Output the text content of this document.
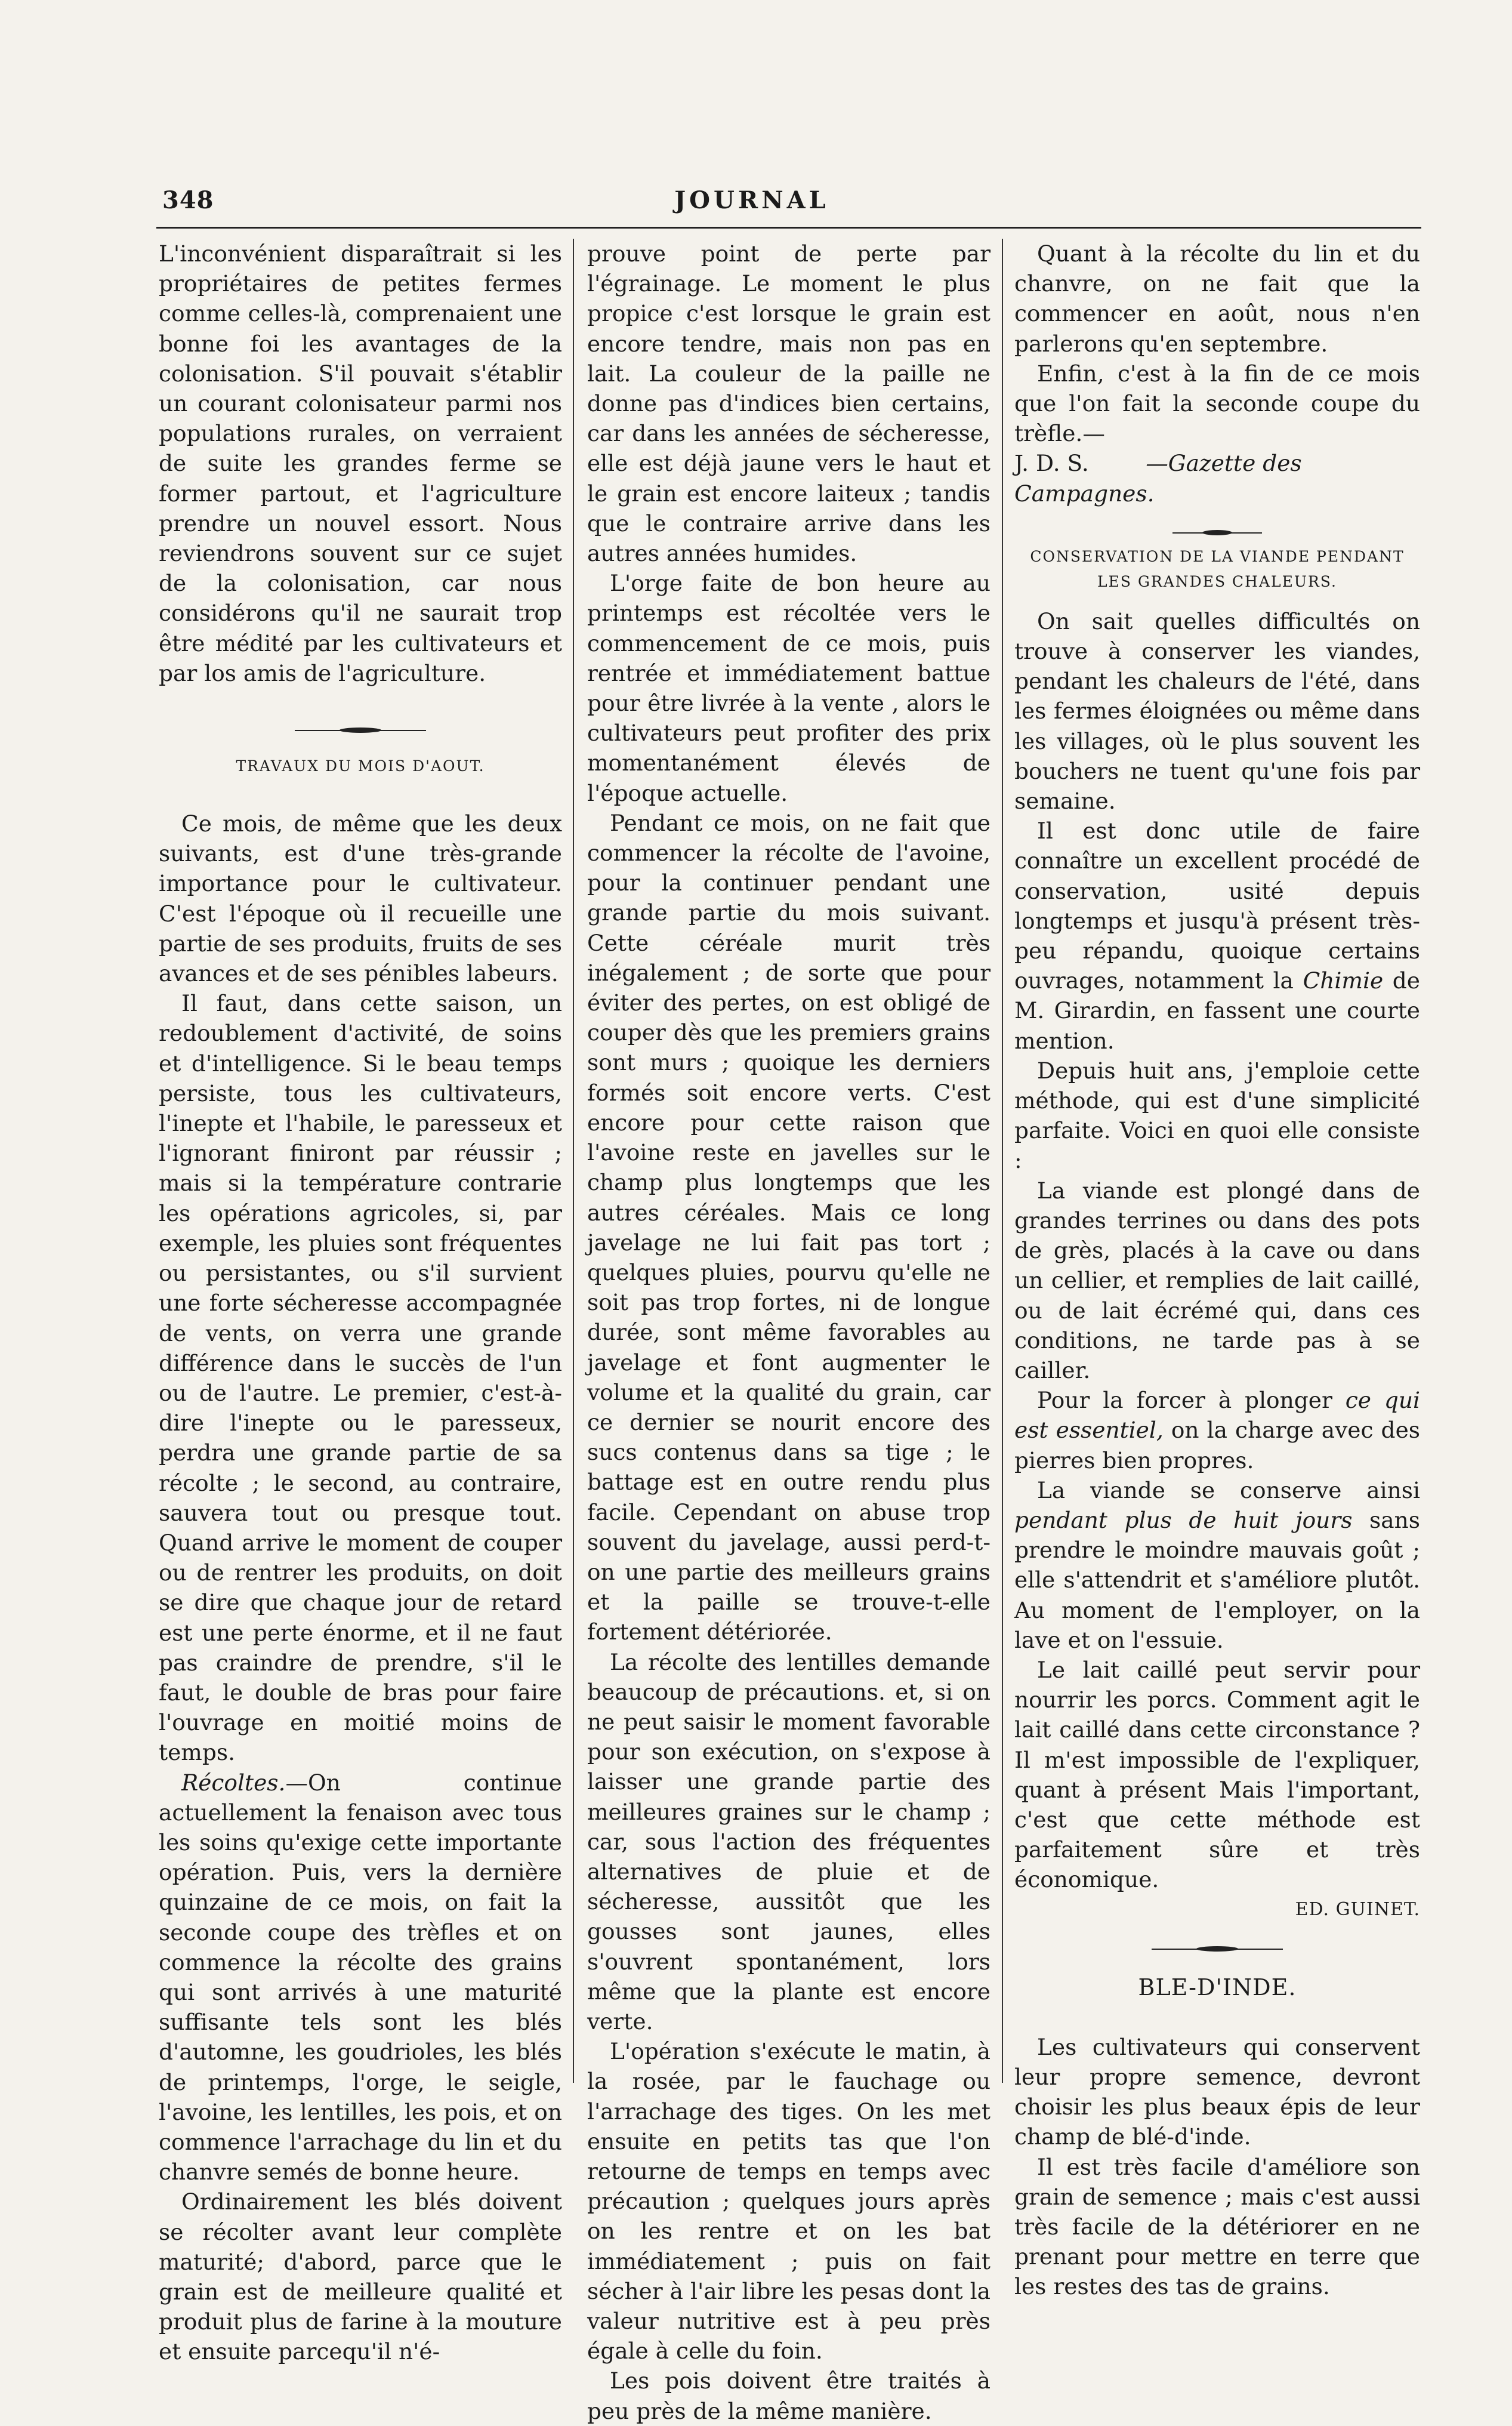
348	JOURNAL

L'inconvénient disparaîtrait si les propriétaires de petites fermes comme celles-là, comprenaient une bonne foi les avantages de la colonisation. S'il pouvait s'établir un courant colonisateur parmi nos populations rurales, on verraient de suite les grandes ferme se former partout, et l'agriculture prendre un nouvel essort. Nous reviendrons souvent sur ce sujet de la colonisation, car nous considérons qu'il ne saurait trop être médité par les cultivateurs et par los amis de l'agriculture.

TRAVAUX DU MOIS D'AOUT.

Ce mois, de même que les deux suivants, est d'une très-grande importance pour le cultivateur. C'est l'époque où il recueille une partie de ses produits, fruits de ses avances et de ses pénibles labeurs.

Il faut, dans cette saison, un redoublement d'activité, de soins et d'intelligence. Si le beau temps persiste, tous les cultivateurs, l'inepte et l'habile, le paresseux et l'ignorant finiront par réussir ; mais si la température contrarie les opérations agricoles, si, par exemple, les pluies sont fréquentes ou persistantes, ou s'il survient une forte sécheresse accompagnée de vents, on verra une grande différence dans le succès de l'un ou de l'autre. Le premier, c'est-à-dire l'inepte ou le paresseux, perdra une grande partie de sa récolte ; le second, au contraire, sauvera tout ou presque tout. Quand arrive le moment de couper ou de rentrer les produits, on doit se dire que chaque jour de retard est une perte énorme, et il ne faut pas craindre de prendre, s'il le faut, le double de bras pour faire l'ouvrage en moitié moins de temps.

Récoltes.—On continue actuellement la fenaison avec tous les soins qu'exige cette importante opération. Puis, vers la dernière quinzaine de ce mois, on fait la seconde coupe des trèfles et on commence la récolte des grains qui sont arrivés à une maturité suffisante tels sont les blés d'automne, les goudrioles, les blés de printemps, l'orge, le seigle, l'avoine, les lentilles, les pois, et on commence l'arrachage du lin et du chanvre semés de bonne heure.

Ordinairement les blés doivent se récolter avant leur complète maturité; d'abord, parce que le grain est de meilleure qualité et produit plus de farine à la mouture et ensuite parcequ'il n'é-

prouve point de perte par l'égrainage. Le moment le plus propice c'est lorsque le grain est encore tendre, mais non pas en lait. La couleur de la paille ne donne pas d'indices bien certains, car dans les années de sécheresse, elle est déjà jaune vers le haut et le grain est encore laiteux ; tandis que le contraire arrive dans les autres années humides.

L'orge faite de bon heure au printemps est récoltée vers le commencement de ce mois, puis rentrée et immédiatement battue pour être livrée à la vente , alors le cultivateurs peut profiter des prix momentanément élevés de l'époque actuelle.

Pendant ce mois, on ne fait que commencer la récolte de l'avoine, pour la continuer pendant une grande partie du mois suivant. Cette céréale murit très inégalement ; de sorte que pour éviter des pertes, on est obligé de couper dès que les premiers grains sont murs ; quoique les derniers formés soit encore verts. C'est encore pour cette raison que l'avoine reste en javelles sur le champ plus longtemps que les autres céréales. Mais ce long javelage ne lui fait pas tort ; quelques pluies, pourvu qu'elle ne soit pas trop fortes, ni de longue durée, sont même favorables au javelage et font augmenter le volume et la qualité du grain, car ce dernier se nourit encore des sucs contenus dans sa tige ; le battage est en outre rendu plus facile. Cependant on abuse trop souvent du javelage, aussi perd-t-on une partie des meilleurs grains et la paille se trouve-t-elle fortement détériorée.

La récolte des lentilles demande beaucoup de précautions. et, si on ne peut saisir le moment favorable pour son exécution, on s'expose à laisser une grande partie des meilleures graines sur le champ ; car, sous l'action des fréquentes alternatives de pluie et de sécheresse, aussitôt que les gousses sont jaunes, elles s'ouvrent spontanément, lors même que la plante est encore verte.

L'opération s'exécute le matin, à la rosée, par le fauchage ou l'arrachage des tiges. On les met ensuite en petits tas que l'on retourne de temps en temps avec précaution ; quelques jours après on les rentre et on les bat immédiatement ; puis on fait sécher à l'air libre les pesas dont la valeur nutritive est à peu près égale à celle du foin.

Les pois doivent être traités à peu près de la même manière.

Quant à la récolte du lin et du chanvre, on ne fait que la commencer en août, nous n'en parlerons qu'en septembre.

Enfin, c'est à la fin de ce mois que l'on fait la seconde coupe du trèfle.—

J. D. S.	—Gazette des Campagnes.

CONSERVATION DE LA VIANDE PENDANT LES GRANDES CHALEURS.

On sait quelles difficultés on trouve à conserver les viandes, pendant les chaleurs de l'été, dans les fermes éloignées ou même dans les villages, où le plus souvent les bouchers ne tuent qu'une fois par semaine.

Il est donc utile de faire connaître un excellent procédé de conservation, usité depuis longtemps et jusqu'à présent très-peu répandu, quoique certains ouvrages, notamment la Chimie de M. Girardin, en fassent une courte mention.

Depuis huit ans, j'emploie cette méthode, qui est d'une simplicité parfaite. Voici en quoi elle consiste :

La viande est plongé dans de grandes terrines ou dans des pots de grès, placés à la cave ou dans un cellier, et remplies de lait caillé, ou de lait écrémé qui, dans ces conditions, ne tarde pas à se cailler.

Pour la forcer à plonger ce qui est essentiel, on la charge avec des pierres bien propres.

La viande se conserve ainsi pendant plus de huit jours sans prendre le moindre mauvais goût ; elle s'attendrit et s'améliore plutôt. Au moment de l'employer, on la lave et on l'essuie.

Le lait caillé peut servir pour nourrir les porcs. Comment agit le lait caillé dans cette circonstance ? Il m'est impossible de l'expliquer, quant à présent Mais l'important, c'est que cette méthode est parfaitement sûre et très économique.

ED. GUINET.

BLE-D'INDE.

Les cultivateurs qui conservent leur propre semence, devront choisir les plus beaux épis de leur champ de blé-d'inde.

Il est très facile d'améliore son grain de semence ; mais c'est aussi très facile de la détériorer en ne prenant pour mettre en terre que les restes des tas de grains.
